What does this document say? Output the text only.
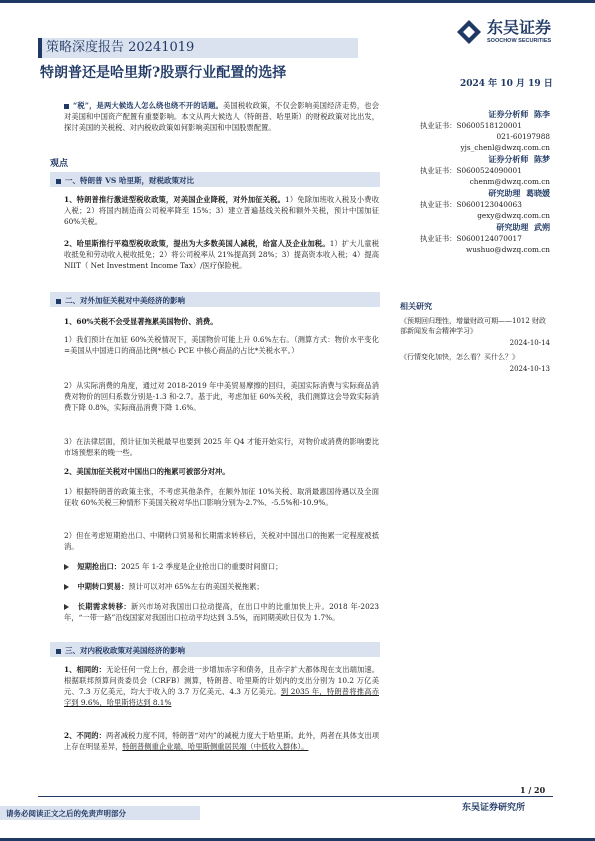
策略深度报告 20241019
特朗普还是哈里斯?股票行业配置的选择
东吴证券
SOOCHOW SECURITIES
2024 年 10 月 19 日
“税”，是两大候选人怎么绕也绕不开的话题。美国税收政策，不仅会影响美国经济走势，也会对美国和中国资产配置有重要影响。本文从两大候选人（特朗普、哈里斯）的财税政策对比出发，探讨美国的关税税、对内税收政策如何影响美国和中国股票配置。
观点
一、特朗普 VS 哈里斯，财税政策对比
1、特朗普推行激进型税收政策，对美国企业降税，对外加征关税。1）免除加班收入税及小费收入税；2）将国内制造商公司税率降至 15%；3）建立普遍基线关税和额外关税，预计中国加征 60%关税。
2、哈里斯推行平稳型税收政策，提出为大多数美国人减税，给富人及企业加税。1）扩大儿童税收抵免和劳动收入税收抵免；2）将公司税率从 21%提高到 28%；3）提高资本收入税；4）提高 NIIT（ Net Investment Income Tax）/医疗保险税。
二、对外加征关税对中美经济的影响
1、60%关税不会受显著拖累美国物价、消费。
1）我们预计在加征 60%关税情况下，美国物价可能上升 0.6%左右。（测算方式：物价水平变化=美国从中国进口的商品比例*核心 PCE 中核心商品的占比*关税水平。）
2）从实际消费的角度，通过对 2018-2019 年中美贸易摩擦的回归，美国实际消费与实际商品消费对物价的回归系数分别是-1.3 和-2.7。基于此，考虑加征 60%关税，我们测算这会导致实际消费下降 0.8%，实际商品消费下降 1.6%。
3）在法律层面，预计征加关税最早也要到 2025 年 Q4 才能开始实行，对物价或消费的影响要比市场预想来的晚一些。
2、美国加征关税对中国出口的拖累可被部分对冲。
1）根据特朗普的政策主张，不考虑其他条件，在额外加征 10%关税、取消最惠国待遇以及全面征收 60%关税三种情形下美国关税对华出口影响分别为-2.7%、-5.5%和-10.9%。
2）但在考虑短期抢出口、中期转口贸易和长期需求转移后，关税对中国出口的拖累一定程度被抵消。
短期抢出口：2025 年 1-2 季度是企业抢出口的重要时间窗口；
中期转口贸易：预计可以对冲 65%左右的美国关税拖累；
长期需求转移：新兴市场对我国出口拉动提高，在出口中的比重加快上升。2018 年-2023 年，“一带一路”沿线国家对我国出口拉动平均达到 3.5%，而同期美欧日仅为 1.7%。
三、对内税收政策对美国经济的影响
1、相同的：无论任何一党上台，都会进一步增加赤字和债务，且赤字扩大都体现在支出端加速。根据联邦预算问责委员会（CRFB）测算，特朗普、哈里斯的计划内的支出分别为 10.2 万亿美元、7.3 万亿美元，均大于收入的 3.7 万亿美元、4.3 万亿美元。到 2035 年，特朗普将推高赤字到 9.6%，哈里斯将达到 8.1%
2、不同的：两者减税力度不同，特朗普“对内”的减税力度大于哈里斯。此外，两者在具体支出项上存在明显差异，特朗普侧重企业端，哈里斯侧重居民端（中低收入群体）。
证券分析师 陈李
执业证书：S0600518120001
021-60197988
yjs_chenl@dwzq.com.cn
证券分析师 陈梦
执业证书：S0600524090001
chenm@dwzq.com.cn
研究助理 葛晓媛
执业证书：S0600123040063
gexy@dwzq.com.cn
研究助理 武朔
执业证书：S0600124070017
wushuo@dwzq.com.cn
相关研究
《预期回归理性，增量财政可期——1012 财政部新闻发布会精神学习》
2024-10-14
《行情变化加快，怎么看？买什么？》
2024-10-13
1 / 20
东吴证券研究所
请务必阅读正文之后的免责声明部分
